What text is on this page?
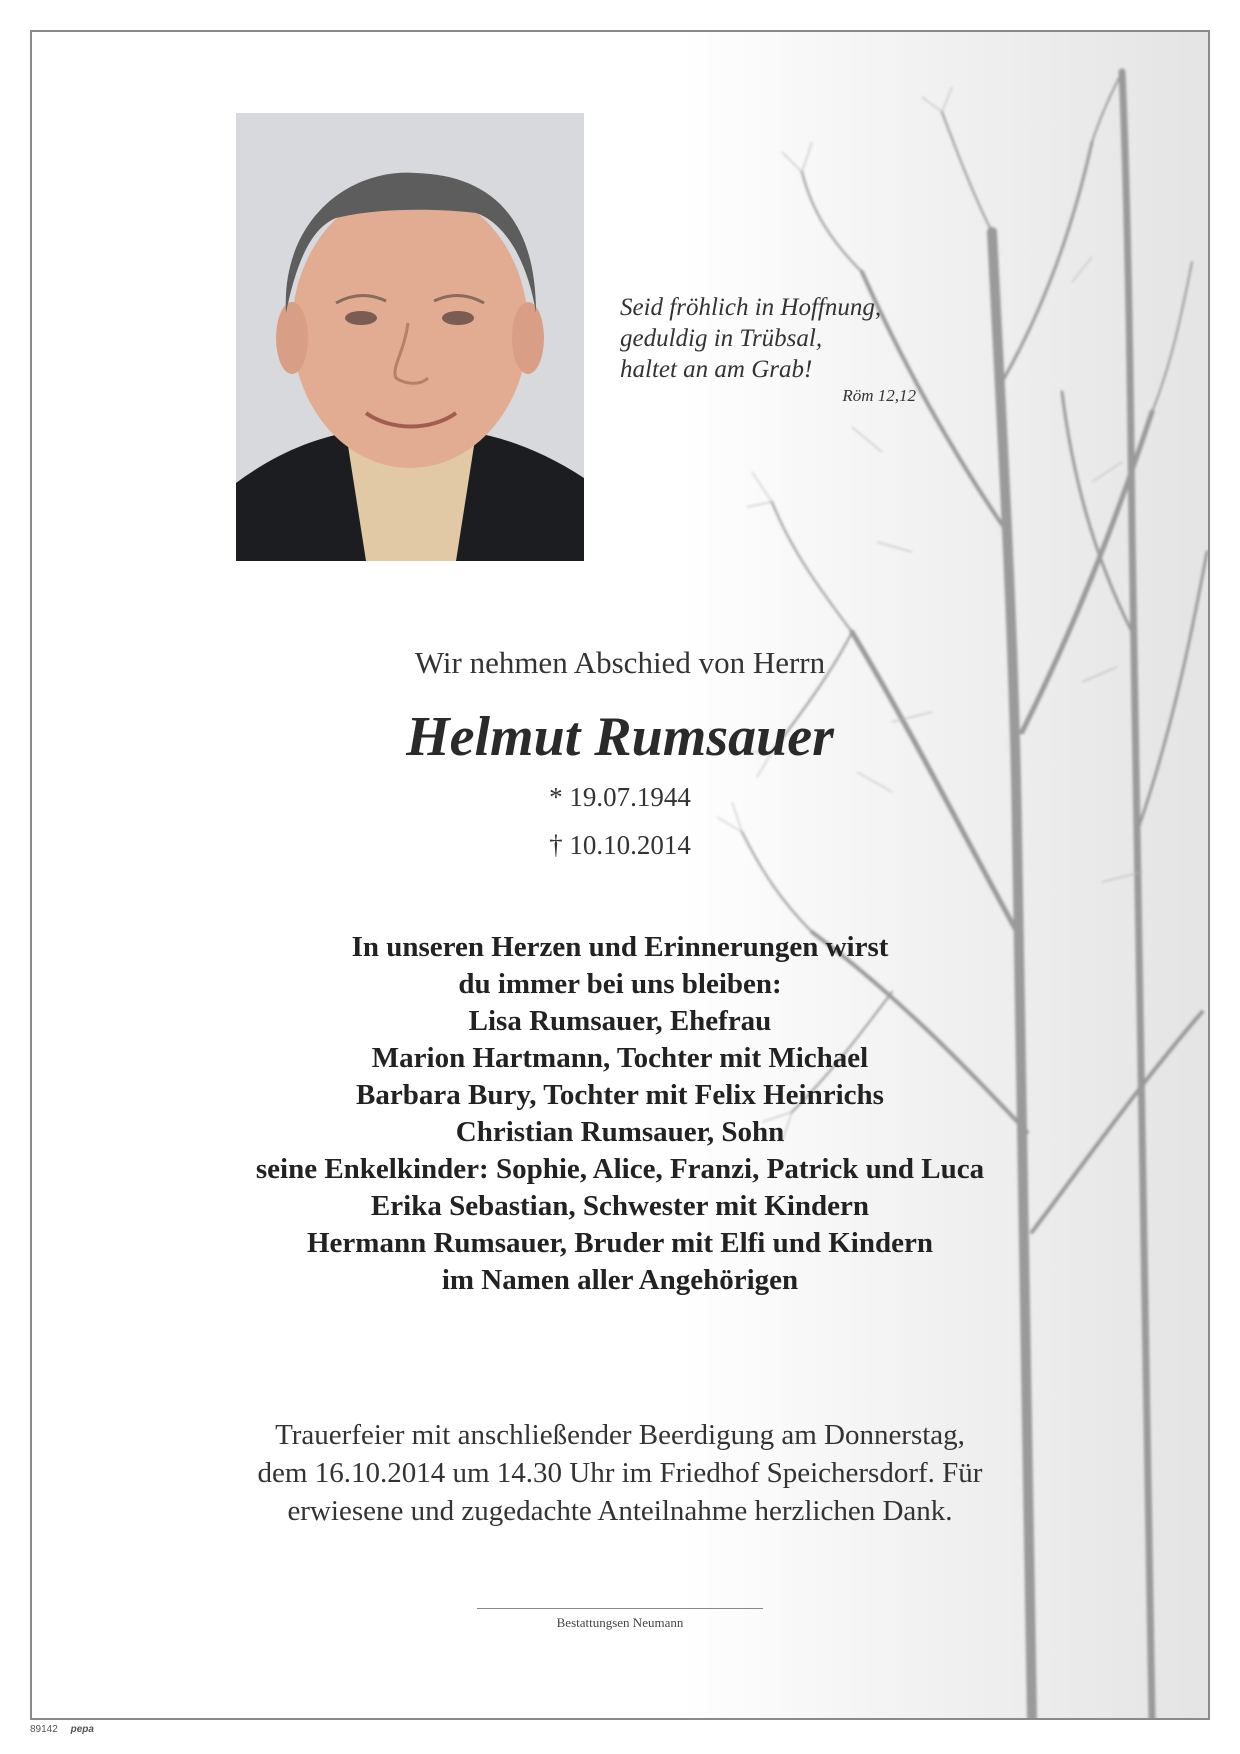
Seid fröhlich in Hoffnung,
geduldig in Trübsal,
haltet an am Grab!
Röm 12,12
Wir nehmen Abschied von Herrn
Helmut Rumsauer
* 19.07.1944
† 10.10.2014
In unseren Herzen und Erinnerungen wirst
du immer bei uns bleiben:
Lisa Rumsauer, Ehefrau
Marion Hartmann, Tochter mit Michael
Barbara Bury, Tochter mit Felix Heinrichs
Christian Rumsauer, Sohn
seine Enkelkinder: Sophie, Alice, Franzi, Patrick und Luca
Erika Sebastian, Schwester mit Kindern
Hermann Rumsauer, Bruder mit Elfi und Kindern
im Namen aller Angehörigen
Trauerfeier mit anschließender Beerdigung am Donnerstag,
dem 16.10.2014 um 14.30 Uhr im Friedhof Speichersdorf. Für
erwiesene und zugedachte Anteilnahme herzlichen Dank.
Bestattungsen Neumann
89142 pepa
